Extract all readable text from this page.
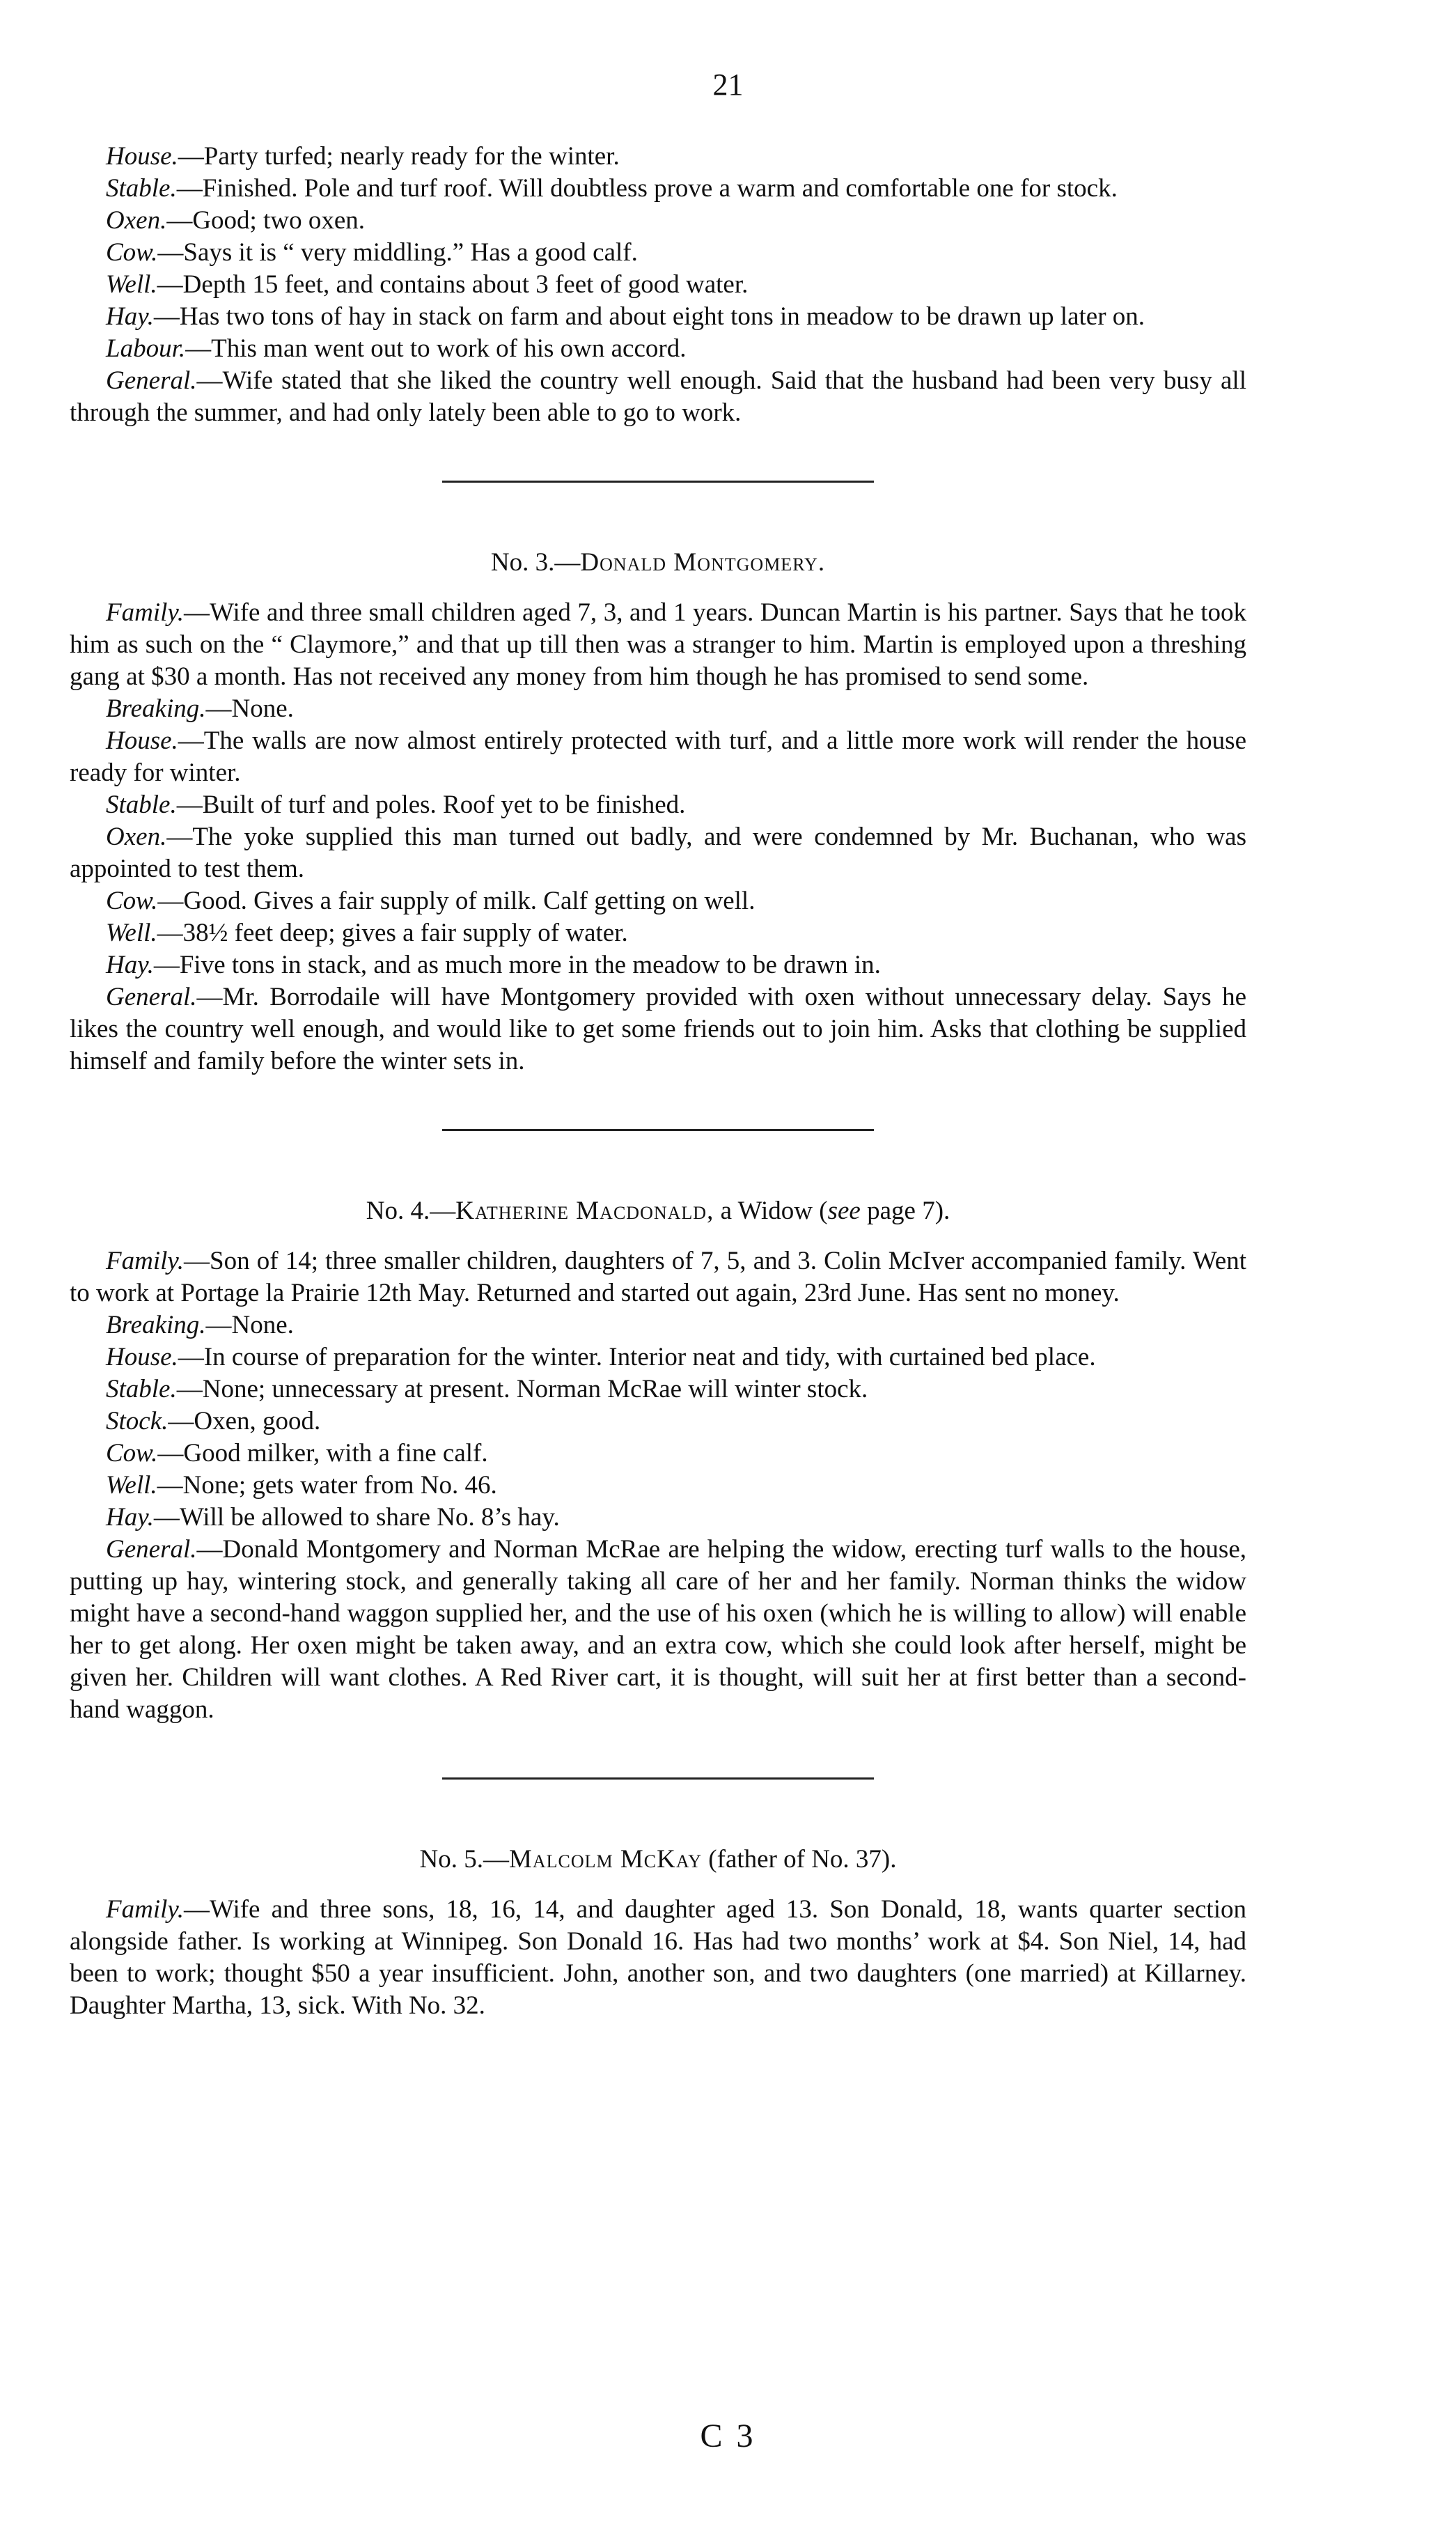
21

House.—Party turfed; nearly ready for the winter.

Stable.—Finished. Pole and turf roof. Will doubtless prove a warm and comfortable one for stock.

Oxen.—Good; two oxen.

Cow.—Says it is “ very middling.” Has a good calf.

Well.—Depth 15 feet, and contains about 3 feet of good water.

Hay.—Has two tons of hay in stack on farm and about eight tons in meadow to be drawn up later on.

Labour.—This man went out to work of his own accord.

General.—Wife stated that she liked the country well enough. Said that the husband had been very busy all through the summer, and had only lately been able to go to work.

No. 3.—Donald Montgomery.

Family.—Wife and three small children aged 7, 3, and 1 years. Duncan Martin is his partner. Says that he took him as such on the “ Claymore,” and that up till then was a stranger to him. Martin is employed upon a threshing gang at $30 a month. Has not received any money from him though he has promised to send some.

Breaking.—None.

House.—The walls are now almost entirely protected with turf, and a little more work will render the house ready for winter.

Stable.—Built of turf and poles. Roof yet to be finished.

Oxen.—The yoke supplied this man turned out badly, and were condemned by Mr. Buchanan, who was appointed to test them.

Cow.—Good. Gives a fair supply of milk. Calf getting on well.

Well.—38½ feet deep; gives a fair supply of water.

Hay.—Five tons in stack, and as much more in the meadow to be drawn in.

General.—Mr. Borrodaile will have Montgomery provided with oxen without unnecessary delay. Says he likes the country well enough, and would like to get some friends out to join him. Asks that clothing be supplied himself and family before the winter sets in.

No. 4.—Katherine Macdonald, a Widow (see page 7).

Family.—Son of 14; three smaller children, daughters of 7, 5, and 3. Colin McIver accompanied family. Went to work at Portage la Prairie 12th May. Returned and started out again, 23rd June. Has sent no money.

Breaking.—None.

House.—In course of preparation for the winter. Interior neat and tidy, with curtained bed place.

Stable.—None; unnecessary at present. Norman McRae will winter stock.

Stock.—Oxen, good.

Cow.—Good milker, with a fine calf.

Well.—None; gets water from No. 46.

Hay.—Will be allowed to share No. 8’s hay.

General.—Donald Montgomery and Norman McRae are helping the widow, erecting turf walls to the house, putting up hay, wintering stock, and generally taking all care of her and her family. Norman thinks the widow might have a second-hand waggon supplied her, and the use of his oxen (which he is willing to allow) will enable her to get along. Her oxen might be taken away, and an extra cow, which she could look after herself, might be given her. Children will want clothes. A Red River cart, it is thought, will suit her at first better than a second-hand waggon.

No. 5.—Malcolm McKay (father of No. 37).

Family.—Wife and three sons, 18, 16, 14, and daughter aged 13. Son Donald, 18, wants quarter section alongside father. Is working at Winnipeg. Son Donald 16. Has had two months’ work at $4. Son Niel, 14, had been to work; thought $50 a year insufficient. John, another son, and two daughters (one married) at Killarney. Daughter Martha, 13, sick. With No. 32.

C 3
